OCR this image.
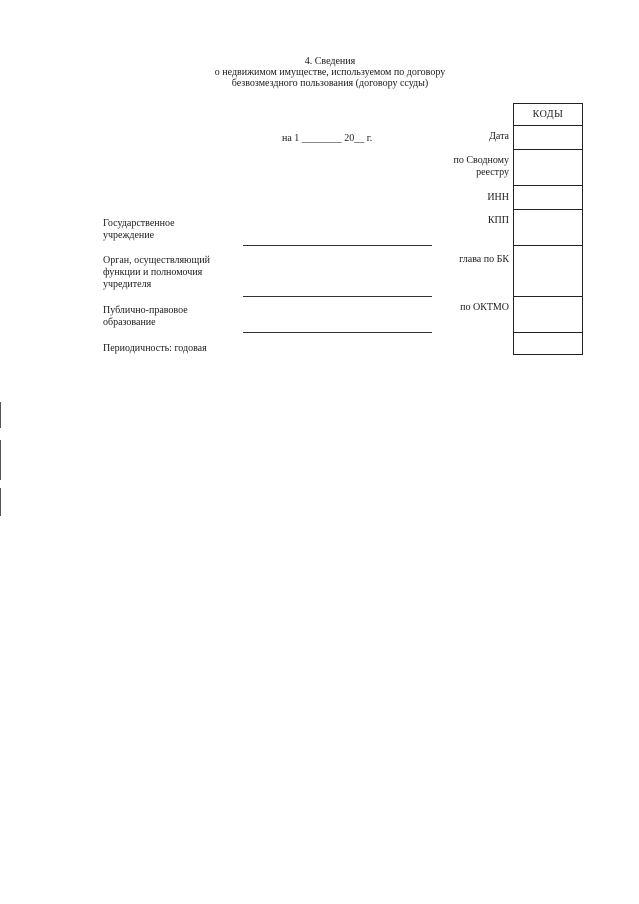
4. Сведения
о недвижимом имуществе, используемом по договору
безвозмездного пользования (договору ссуды)
на 1 ________ 20__ г.
КОДЫ
Дата
по Сводному
реестру
ИНН
КПП
глава по БК
по ОКТМО
Государственное
учреждение
Орган, осуществляющий
функции и полномочия
учредителя
Публично-правовое
образование
Периодичность: годовая
